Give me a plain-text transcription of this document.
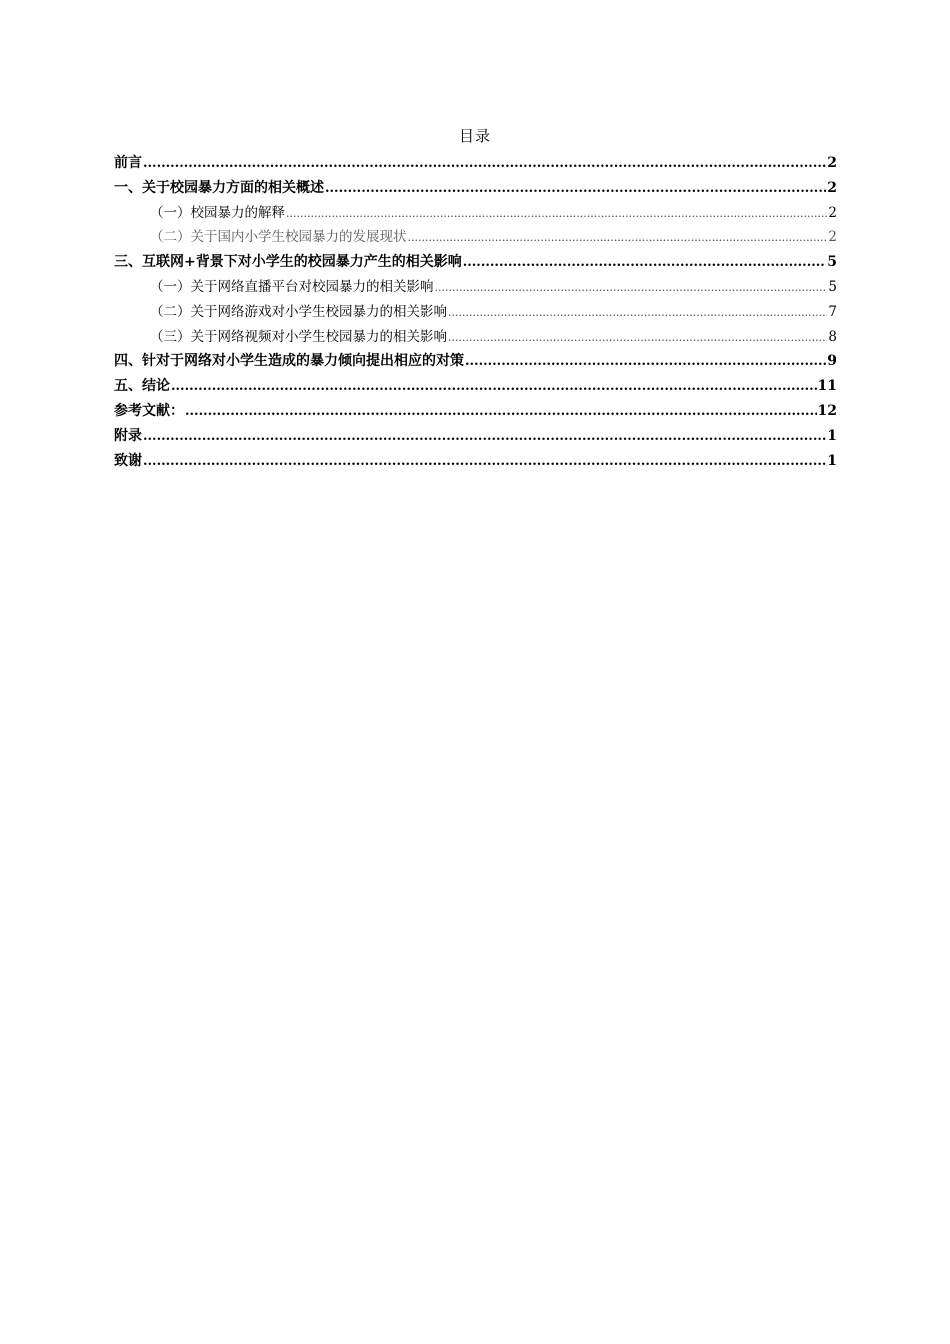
目录
前言 .....	2
一、关于校园暴力方面的相关概述 .....	2
（一）校园暴力的解释 .....	2
（二）关于国内小学生校园暴力的发展现状 .....	2
三、互联网+背景下对小学生的校园暴力产生的相关影响 .....	5
（一）关于网络直播平台对校园暴力的相关影响 .....	5
（二）关于网络游戏对小学生校园暴力的相关影响 .....	7
（三）关于网络视频对小学生校园暴力的相关影响 .....	8
四、针对于网络对小学生造成的暴力倾向提出相应的对策 .....	9
五、结论 .....	11
参考文献： .....	12
附录 .....	1
致谢 .....	1
